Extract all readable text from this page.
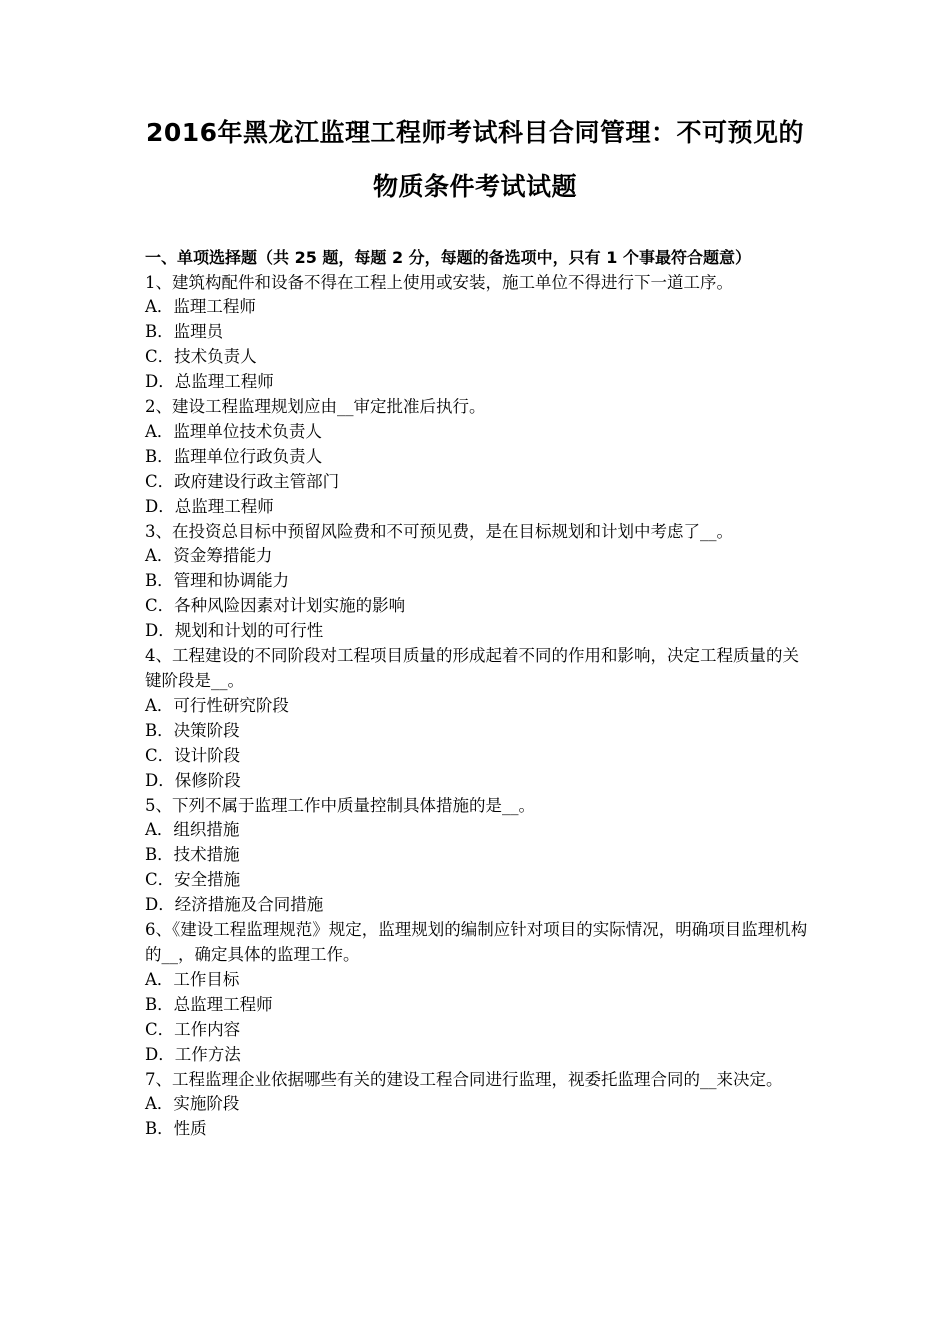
2016年黑龙江监理工程师考试科目合同管理：不可预见的
物质条件考试试题
一、单项选择题（共 25 题，每题 2 分，每题的备选项中，只有 1 个事最符合题意）
1、建筑构配件和设备不得在工程上使用或安装，施工单位不得进行下一道工序。
A．监理工程师
B．监理员
C．技术负责人
D．总监理工程师
2、建设工程监理规划应由__审定批准后执行。
A．监理单位技术负责人
B．监理单位行政负责人
C．政府建设行政主管部门
D．总监理工程师
3、在投资总目标中预留风险费和不可预见费，是在目标规划和计划中考虑了__。
A．资金筹措能力
B．管理和协调能力
C．各种风险因素对计划实施的影响
D．规划和计划的可行性
4、工程建设的不同阶段对工程项目质量的形成起着不同的作用和影响，决定工程质量的关键阶段是__。
A．可行性研究阶段
B．决策阶段
C．设计阶段
D．保修阶段
5、下列不属于监理工作中质量控制具体措施的是__。
A．组织措施
B．技术措施
C．安全措施
D．经济措施及合同措施
6、《建设工程监理规范》规定，监理规划的编制应针对项目的实际情况，明确项目监理机构的__，确定具体的监理工作。
A．工作目标
B．总监理工程师
C．工作内容
D．工作方法
7、工程监理企业依据哪些有关的建设工程合同进行监理，视委托监理合同的__来决定。
A．实施阶段
B．性质
